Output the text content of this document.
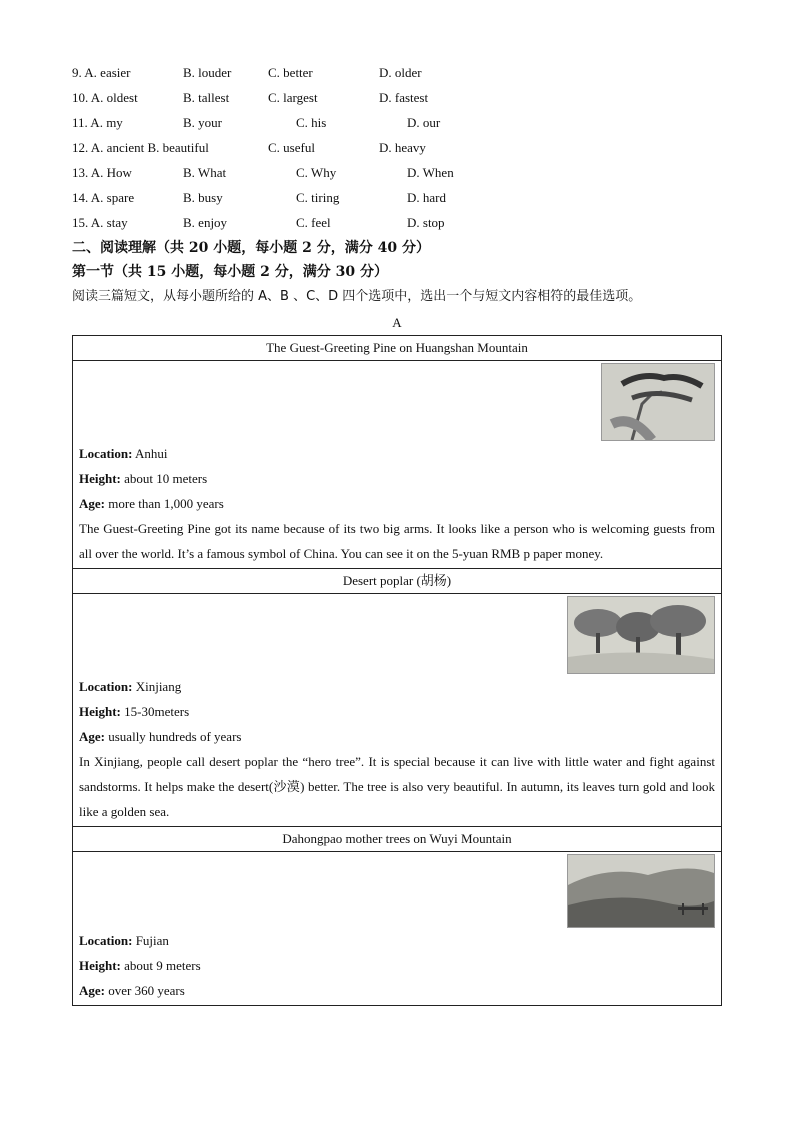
9. A. easier	B. louder	C. better	D. older
10. A. oldest	B. tallest	C. largest	D. fastest
11. A. my	B. your	C. his	D. our
12. A. ancient B. beautiful	C. useful	D. heavy
13. A. How	B. What	C. Why	D. When
14. A. spare	B. busy	C. tiring	D. hard
15. A. stay	B. enjoy	C. feel	D. stop
二、阅读理解（共 20 小题，每小题 2 分，满分 40 分）
第一节（共 15 小题，每小题 2 分，满分 30 分）
阅读三篇短文，从每小题所给的 A、B 、C、D 四个选项中，选出一个与短文内容相符的最佳选项。
A
The Guest-Greeting Pine on Huangshan Mountain

Location: Anhui
Height: about 10 meters
Age: more than 1,000 years
The Guest-Greeting Pine got its name because of its two big arms. It looks like a person who is welcoming guests from all over the world. It’s a famous symbol of China. You can see it on the 5-yuan RMB p paper money.

Desert poplar (胡杨)

Location: Xinjiang
Height: 15-30meters
Age: usually hundreds of years
In Xinjiang, people call desert poplar the “hero tree”. It is special because it can live with little water and fight against sandstorms. It helps make the desert(沙漠) better. The tree is also very beautiful. In autumn, its leaves turn gold and look like a golden sea.

Dahongpao mother trees on Wuyi Mountain

Location: Fujian
Height: about 9 meters
Age: over 360 years
